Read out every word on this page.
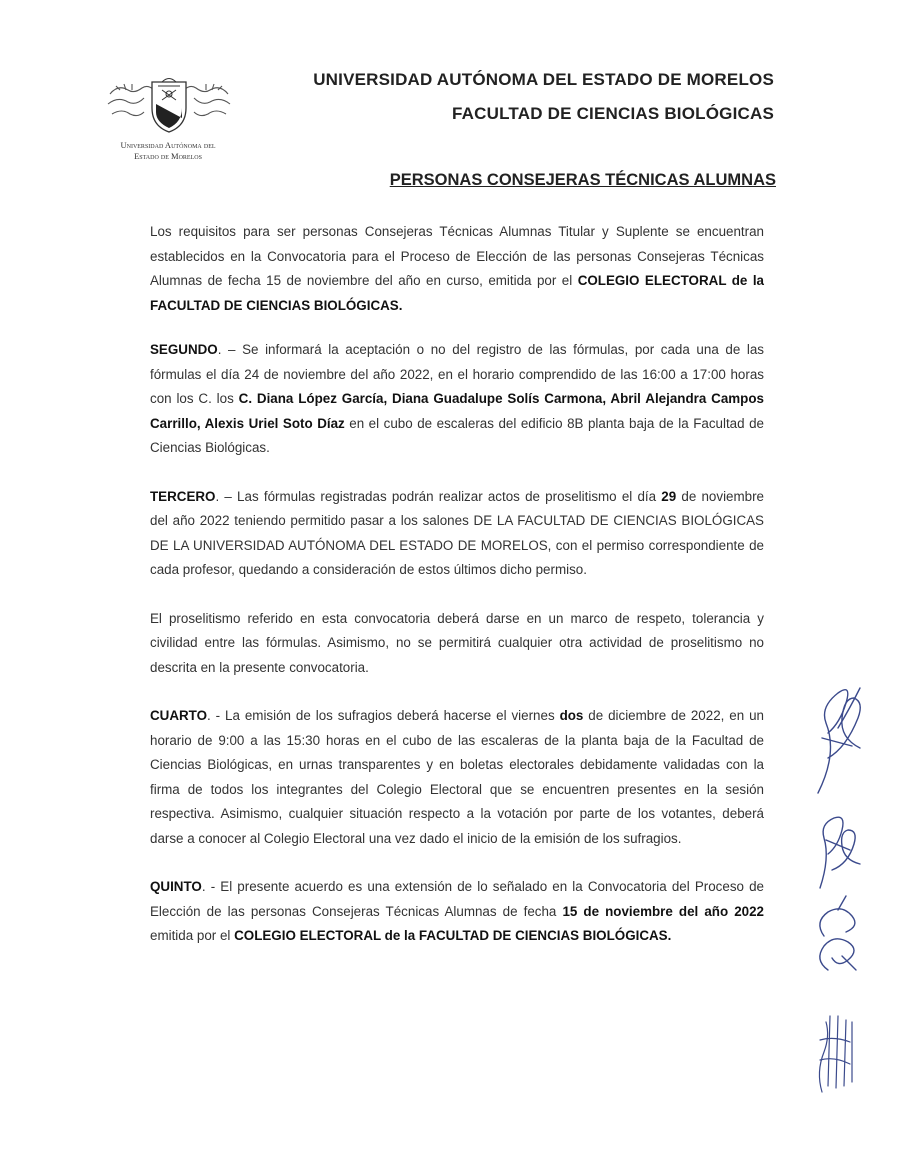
Universidad Autónoma del
Estado de Morelos
UNIVERSIDAD AUTÓNOMA DEL ESTADO DE MORELOS
FACULTAD DE CIENCIAS BIOLÓGICAS
PERSONAS CONSEJERAS TÉCNICAS ALUMNAS

Los requisitos para ser personas Consejeras Técnicas Alumnas Titular y Suplente se encuentran establecidos en la Convocatoria para el Proceso de Elección de las personas Consejeras Técnicas Alumnas de fecha 15 de noviembre del año en curso, emitida por el COLEGIO ELECTORAL de la FACULTAD DE CIENCIAS BIOLÓGICAS.

SEGUNDO. – Se informará la aceptación o no del registro de las fórmulas, por cada una de las fórmulas el día 24 de noviembre del año 2022, en el horario comprendido de las 16:00 a 17:00 horas con los C. los C. Diana López García, Diana Guadalupe Solís Carmona, Abril Alejandra Campos Carrillo, Alexis Uriel Soto Díaz en el cubo de escaleras del edificio 8B planta baja de la Facultad de Ciencias Biológicas.

TERCERO. – Las fórmulas registradas podrán realizar actos de proselitismo el día 29 de noviembre del año 2022 teniendo permitido pasar a los salones DE LA FACULTAD DE CIENCIAS BIOLÓGICAS DE LA UNIVERSIDAD AUTÓNOMA DEL ESTADO DE MORELOS, con el permiso correspondiente de cada profesor, quedando a consideración de estos últimos dicho permiso.

El proselitismo referido en esta convocatoria deberá darse en un marco de respeto, tolerancia y civilidad entre las fórmulas. Asimismo, no se permitirá cualquier otra actividad de proselitismo no descrita en la presente convocatoria.

CUARTO. - La emisión de los sufragios deberá hacerse el viernes dos de diciembre de 2022, en un horario de 9:00 a las 15:30 horas en el cubo de las escaleras de la planta baja de la Facultad de Ciencias Biológicas, en urnas transparentes y en boletas electorales debidamente validadas con la firma de todos los integrantes del Colegio Electoral que se encuentren presentes en la sesión respectiva. Asimismo, cualquier situación respecto a la votación por parte de los votantes, deberá darse a conocer al Colegio Electoral una vez dado el inicio de la emisión de los sufragios.

QUINTO. - El presente acuerdo es una extensión de lo señalado en la Convocatoria del Proceso de Elección de las personas Consejeras Técnicas Alumnas de fecha 15 de noviembre del año 2022 emitida por el COLEGIO ELECTORAL de la FACULTAD DE CIENCIAS BIOLÓGICAS.
